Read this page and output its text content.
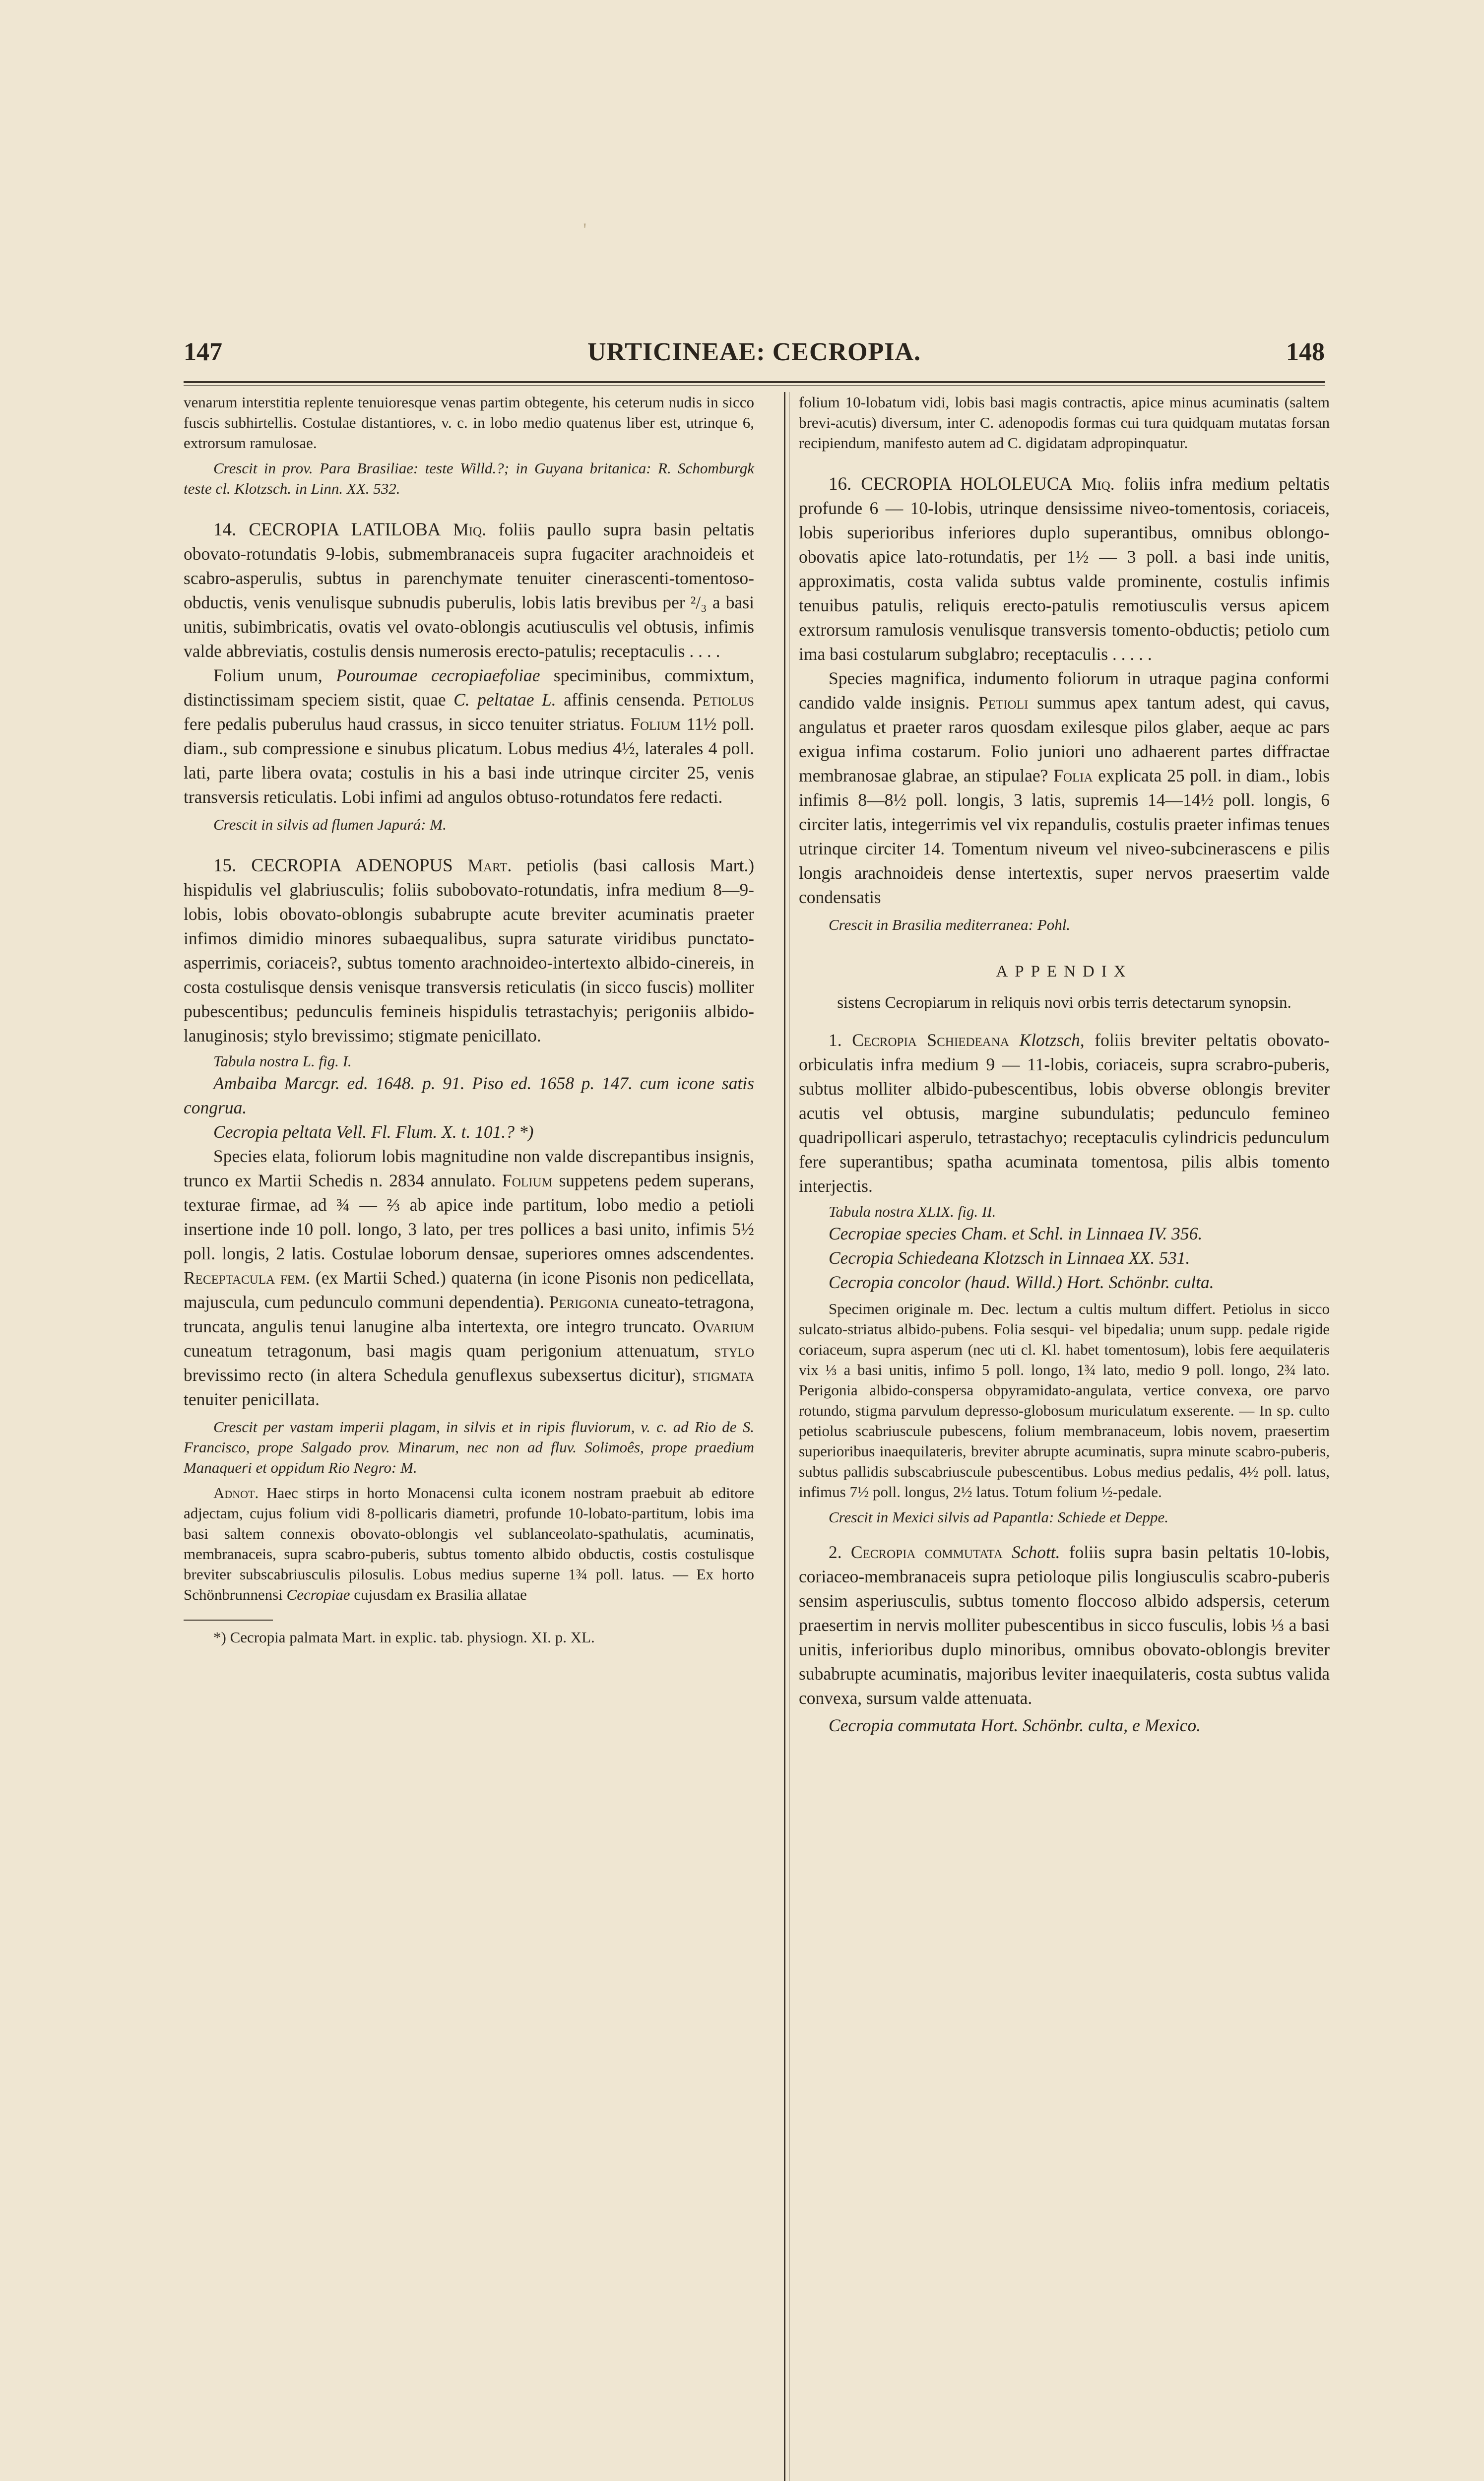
'
147	URTICINEAE: CECROPIA.	148

venarum interstitia replente tenuioresque venas partim obtegente, his ceterum nudis in sicco fuscis subhirtellis. Costulae distantiores, v. c. in lobo medio quatenus liber est, utrinque 6, extrorsum ramulosae.

Crescit in prov. Para Brasiliae: teste Willd.?; in Guyana britanica: R. Schomburgk teste cl. Klotzsch. in Linn. XX. 532.

14. CECROPIA LATILOBA Miq. foliis paullo supra basin peltatis obovato-rotundatis 9-lobis, submembranaceis supra fugaciter arachnoideis et scabro-asperulis, subtus in parenchymate tenuiter cinerascenti-tomentoso-obductis, venis venulisque subnudis puberulis, lobis latis brevibus per ²/₃ a basi unitis, subimbricatis, ovatis vel ovato-oblongis acutiusculis vel obtusis, infimis valde abbreviatis, costulis densis numerosis erecto-patulis; receptaculis . . . .

Folium unum, Pouroumae cecropiaefoliae speciminibus, commixtum, distinctissimam speciem sistit, quae C. peltatae L. affinis censenda. Petiolus fere pedalis puberulus haud crassus, in sicco tenuiter striatus. Folium 11½ poll. diam., sub compressione e sinubus plicatum. Lobus medius 4½, laterales 4 poll. lati, parte libera ovata; costulis in his a basi inde utrinque circiter 25, venis transversis reticulatis. Lobi infimi ad angulos obtuso-rotundatos fere redacti.

Crescit in silvis ad flumen Japurá: M.

15. CECROPIA ADENOPUS Mart. petiolis (basi callosis Mart.) hispidulis vel glabriusculis; foliis subobovato-rotundatis, infra medium 8—9-lobis, lobis obovato-oblongis subabrupte acute breviter acuminatis praeter infimos dimidio minores subaequalibus, supra saturate viridibus punctato-asperrimis, coriaceis?, subtus tomento arachnoideo-intertexto albido-cinereis, in costa costulisque densis venisque transversis reticulatis (in sicco fuscis) molliter pubescentibus; pedunculis femineis hispidulis tetrastachyis; perigoniis albido-lanuginosis; stylo brevissimo; stigmate penicillato.

Tabula nostra L. fig. I.

Ambaiba Marcgr. ed. 1648. p. 91. Piso ed. 1658 p. 147. cum icone satis congrua.

Cecropia peltata Vell. Fl. Flum. X. t. 101.? *)

Species elata, foliorum lobis magnitudine non valde discrepantibus insignis, trunco ex Martii Schedis n. 2834 annulato. Folium suppetens pedem superans, texturae firmae, ad ¾ — ⅔ ab apice inde partitum, lobo medio a petioli insertione inde 10 poll. longo, 3 lato, per tres pollices a basi unito, infimis 5½ poll. longis, 2 latis. Costulae loborum densae, superiores omnes adscendentes. Receptacula fem. (ex Martii Sched.) quaterna (in icone Pisonis non pedicellata, majuscula, cum pedunculo communi dependentia). Perigonia cuneato-tetragona, truncata, angulis tenui lanugine alba intertexta, ore integro truncato. Ovarium cuneatum tetragonum, basi magis quam perigonium attenuatum, stylo brevissimo recto (in altera Schedula genuflexus subexsertus dicitur), stigmata tenuiter penicillata.

Crescit per vastam imperii plagam, in silvis et in ripis fluviorum, v. c. ad Rio de S. Francisco, prope Salgado prov. Minarum, nec non ad fluv. Solimoês, prope praedium Manaqueri et oppidum Rio Negro: M.

Adnot. Haec stirps in horto Monacensi culta iconem nostram praebuit ab editore adjectam, cujus folium vidi 8-pollicaris diametri, profunde 10-lobato-partitum, lobis ima basi saltem connexis obovato-oblongis vel sublanceolato-spathulatis, acuminatis, membranaceis, supra scabro-puberis, subtus tomento albido obductis, costis costulisque breviter subscabriusculis pilosulis. Lobus medius superne 1¾ poll. latus. — Ex horto Schönbrunnensi Cecropiae cujusdam ex Brasilia allatae

*) Cecropia palmata Mart. in explic. tab. physiogn. XI. p. XL.

folium 10-lobatum vidi, lobis basi magis contractis, apice minus acuminatis (saltem brevi-acutis) diversum, inter C. adenopodis formas cui tura quidquam mutatas forsan recipiendum, manifesto autem ad C. digidatam adpropinquatur.

16. CECROPIA HOLOLEUCA Miq. foliis infra medium peltatis profunde 6 — 10-lobis, utrinque densissime niveo-tomentosis, coriaceis, lobis superioribus inferiores duplo superantibus, omnibus oblongo-obovatis apice lato-rotundatis, per 1½ — 3 poll. a basi inde unitis, approximatis, costa valida subtus valde prominente, costulis infimis tenuibus patulis, reliquis erecto-patulis remotiusculis versus apicem extrorsum ramulosis venulisque transversis tomento-obductis; petiolo cum ima basi costularum subglabro; receptaculis . . . . .

Species magnifica, indumento foliorum in utraque pagina conformi candido valde insignis. Petioli summus apex tantum adest, qui cavus, angulatus et praeter raros quosdam exilesque pilos glaber, aeque ac pars exigua infima costarum. Folio juniori uno adhaerent partes diffractae membranosae glabrae, an stipulae? Folia explicata 25 poll. in diam., lobis infimis 8—8½ poll. longis, 3 latis, supremis 14—14½ poll. longis, 6 circiter latis, integerrimis vel vix repandulis, costulis praeter infimas tenues utrinque circiter 14. Tomentum niveum vel niveo-subcinerascens e pilis longis arachnoideis dense intertextis, super nervos praesertim valde condensatis

Crescit in Brasilia mediterranea: Pohl.

APPENDIX

sistens Cecropiarum in reliquis novi orbis terris detectarum synopsin.

1. Cecropia Schiedeana Klotzsch, foliis breviter peltatis obovato-orbiculatis infra medium 9 — 11-lobis, coriaceis, supra scrabro-puberis, subtus molliter albido-pubescentibus, lobis obverse oblongis breviter acutis vel obtusis, margine subundulatis; pedunculo femineo quadripollicari asperulo, tetrastachyo; receptaculis cylindricis pedunculum fere superantibus; spatha acuminata tomentosa, pilis albis tomento interjectis.

Tabula nostra XLIX. fig. II.

Cecropiae species Cham. et Schl. in Linnaea IV. 356.

Cecropia Schiedeana Klotzsch in Linnaea XX. 531.

Cecropia concolor (haud. Willd.) Hort. Schönbr. culta.

Specimen originale m. Dec. lectum a cultis multum differt. Petiolus in sicco sulcato-striatus albido-pubens. Folia sesqui- vel bipedalia; unum supp. pedale rigide coriaceum, supra asperum (nec uti cl. Kl. habet tomentosum), lobis fere aequilateris vix ⅓ a basi unitis, infimo 5 poll. longo, 1¾ lato, medio 9 poll. longo, 2¾ lato. Perigonia albido-conspersa obpyramidato-angulata, vertice convexa, ore parvo rotundo, stigma parvulum depresso-globosum muriculatum exserente. — In sp. culto petiolus scabriuscule pubescens, folium membranaceum, lobis novem, praesertim superioribus inaequilateris, breviter abrupte acuminatis, supra minute scabro-puberis, subtus pallidis subscabriuscule pubescentibus. Lobus medius pedalis, 4½ poll. latus, infimus 7½ poll. longus, 2½ latus. Totum folium ½-pedale.

Crescit in Mexici silvis ad Papantla: Schiede et Deppe.

2. Cecropia commutata Schott. foliis supra basin peltatis 10-lobis, coriaceo-membranaceis supra petioloque pilis longiusculis scabro-puberis sensim asperiusculis, subtus tomento floccoso albido adspersis, ceterum praesertim in nervis molliter pubescentibus in sicco fusculis, lobis ⅓ a basi unitis, inferioribus duplo minoribus, omnibus obovato-oblongis breviter subabrupte acuminatis, majoribus leviter inaequilateris, costa subtus valida convexa, sursum valde attenuata.

Cecropia commutata Hort. Schönbr. culta, e Mexico.
